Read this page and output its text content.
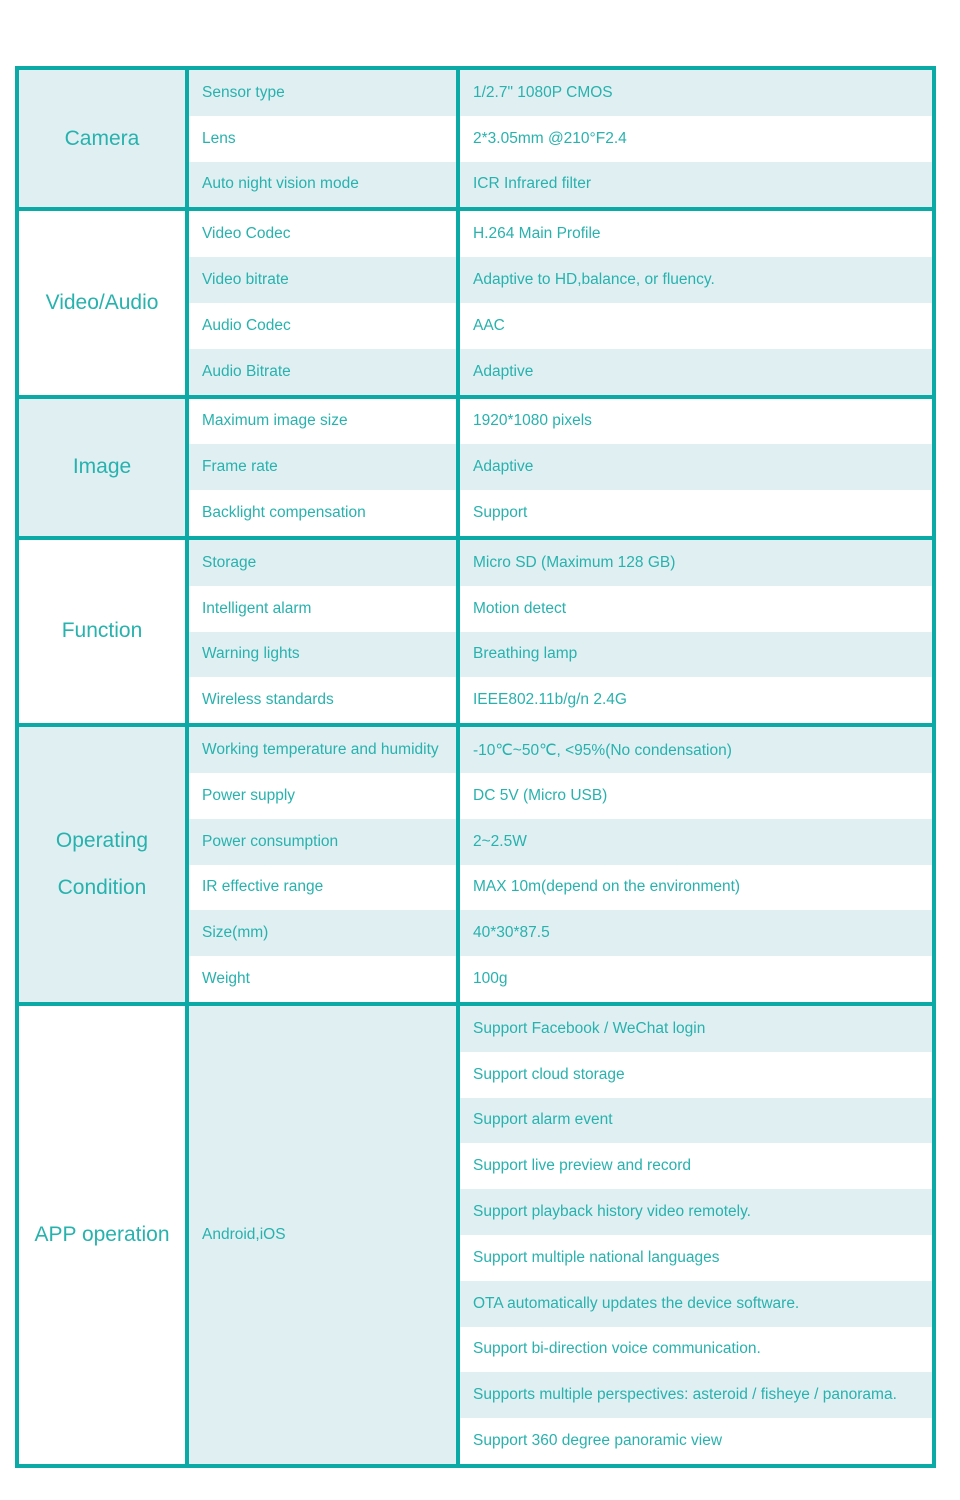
Camera
Sensor type	1/2.7" 1080P CMOS
Lens	2*3.05mm @210°F2.4
Auto night vision mode	ICR Infrared filter
Video/Audio
Video Codec	H.264 Main Profile
Video bitrate	Adaptive to HD,balance, or fluency.
Audio Codec	AAC
Audio Bitrate	Adaptive
Image
Maximum image size	1920*1080 pixels
Frame rate	Adaptive
Backlight compensation	Support
Function
Storage	Micro SD (Maximum 128 GB)
Intelligent alarm	Motion detect
Warning lights	Breathing lamp
Wireless standards	IEEE802.11b/g/n 2.4G
Operating Condition
Working temperature and humidity	-10℃~50℃, <95%(No condensation)
Power supply	DC 5V (Micro USB)
Power consumption	2~2.5W
IR effective range	MAX 10m(depend on the environment)
Size(mm)	40*30*87.5
Weight	100g
APP operation	Android,iOS
Support Facebook / WeChat login
Support cloud storage
Support alarm event
Support live preview and record
Support playback history video remotely.
Support multiple national languages
OTA automatically updates the device software.
Support bi-direction voice communication.
Supports multiple perspectives: asteroid / fisheye / panorama.
Support 360 degree panoramic view
